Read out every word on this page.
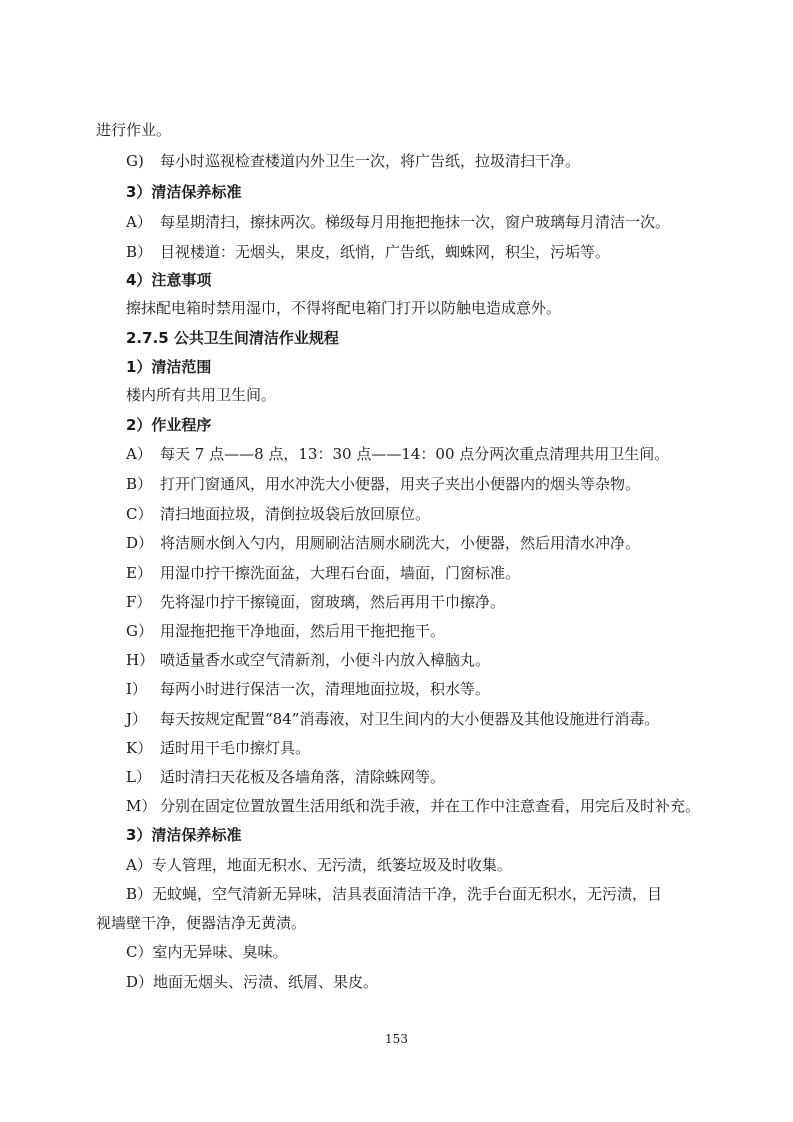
进行作业。
G) 每小时巡视检查楼道内外卫生一次，将广告纸，拉圾清扫干净。
3）清洁保养标准
A） 每星期清扫，擦抹两次。梯级每月用拖把拖抹一次，窗户玻璃每月清洁一次。
B） 目视楼道：无烟头，果皮，纸悄，广告纸，蜘蛛网，积尘，污垢等。
4）注意事项
擦抹配电箱时禁用湿巾，不得将配电箱门打开以防触电造成意外。
2.7.5 公共卫生间清洁作业规程
1）清洁范围
楼内所有共用卫生间。
2）作业程序
A） 每天 7 点——8 点，13：30 点——14：00 点分两次重点清理共用卫生间。
B） 打开门窗通风，用水冲洗大小便器，用夹子夹出小便器内的烟头等杂物。
C） 清扫地面拉圾，清倒拉圾袋后放回原位。
D） 将洁厕水倒入勺内，用厕刷沾洁厕水刷洗大，小便器，然后用清水冲净。
E） 用湿巾拧干擦洗面盆，大理石台面，墙面，门窗标准。
F） 先将湿巾拧干擦镜面，窗玻璃，然后再用干巾擦净。
G） 用湿拖把拖干净地面，然后用干拖把拖干。
H） 喷适量香水或空气清新剂，小便斗内放入樟脑丸。
I） 每两小时进行保洁一次，清理地面拉圾，积水等。
J） 每天按规定配置“84”消毒液，对卫生间内的大小便器及其他设施进行消毒。
K） 适时用干毛巾擦灯具。
L） 适时清扫天花板及各墙角落，清除蛛网等。
M） 分别在固定位置放置生活用纸和洗手液，并在工作中注意查看，用完后及时补充。
3）清洁保养标准
A）专人管理，地面无积水、无污渍，纸篓垃圾及时收集。
B）无蚊蝇，空气清新无异味，洁具表面清洁干净，洗手台面无积水，无污渍，目
视墙壁干净，便器洁净无黄渍。
C）室内无异味、臭味。
D）地面无烟头、污渍、纸屑、果皮。
153
